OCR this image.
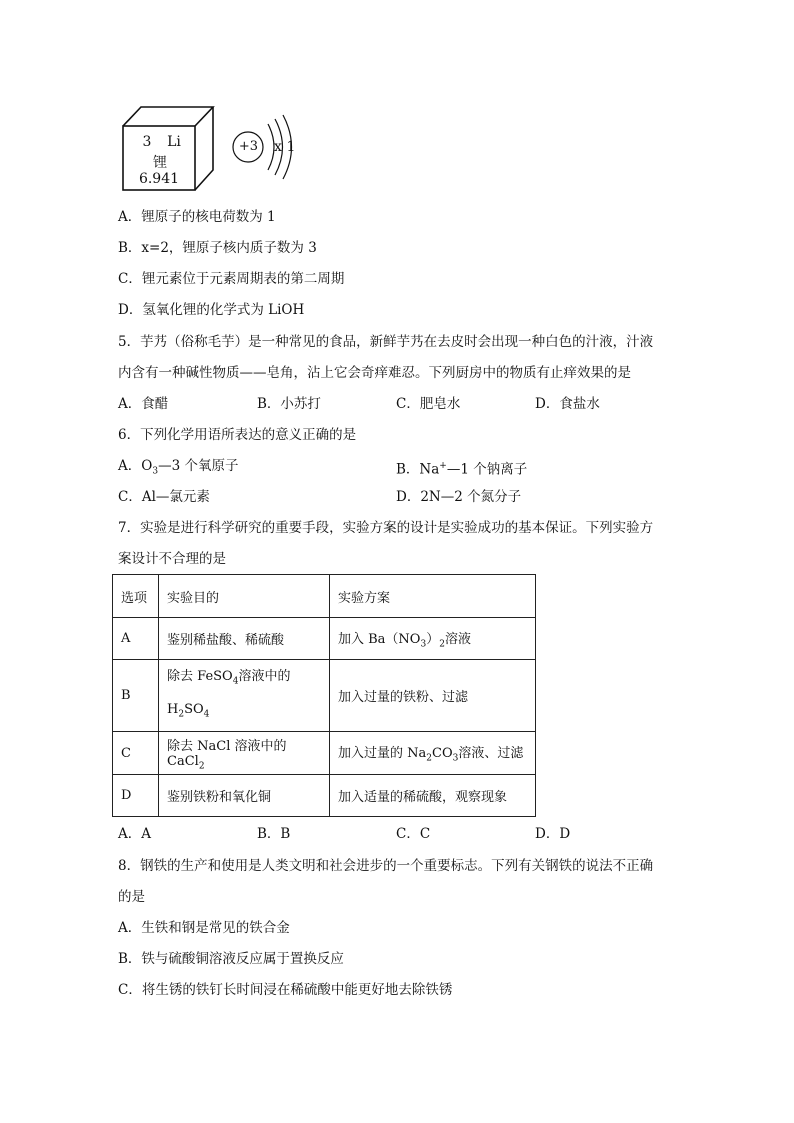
3	Li
锂
6.941
+3 x 1
A．锂原子的核电荷数为 1
B．x=2，锂原子核内质子数为 3
C．锂元素位于元素周期表的第二周期
D．氢氧化锂的化学式为 LiOH
5．芋艿（俗称毛芋）是一种常见的食品，新鲜芋艿在去皮时会出现一种白色的汁液，汁液
内含有一种碱性物质——皂角，沾上它会奇痒难忍。下列厨房中的物质有止痒效果的是
A．食醋	B．小苏打	C．肥皂水	D．食盐水
6．下列化学用语所表达的意义正确的是
A．$O_3—3$ 个氧原子	B．Na+—1 个钠离子
C．Al—氯元素	D．2N—2 个氮分子
7．实验是进行科学研究的重要手段，实验方案的设计是实验成功的基本保证。下列实验方
案设计不合理的是
选项	实验目的	实验方案
A	鉴别稀盐酸、稀硫酸	加入 $Ba(NO_3)_2$溶液
B	除去 FeSO$_4$溶液中的
$H_2SO_4$	加入过量的铁粉、过滤
C	除去 NaCl 溶液中的 CaCl$_2$	加入过量的 $Na_2CO_3$溶液、过滤
D	鉴别铁粉和氧化铜	加入适量的稀硫酸，观察现象
A．A	B．B	C．C	D．D
8．钢铁的生产和使用是人类文明和社会进步的一个重要标志。下列有关钢铁的说法不正确
的是
A．生铁和钢是常见的铁合金
B．铁与硫酸铜溶液反应属于置换反应
C．将生锈的铁钉长时间浸在稀硫酸中能更好地去除铁锈
